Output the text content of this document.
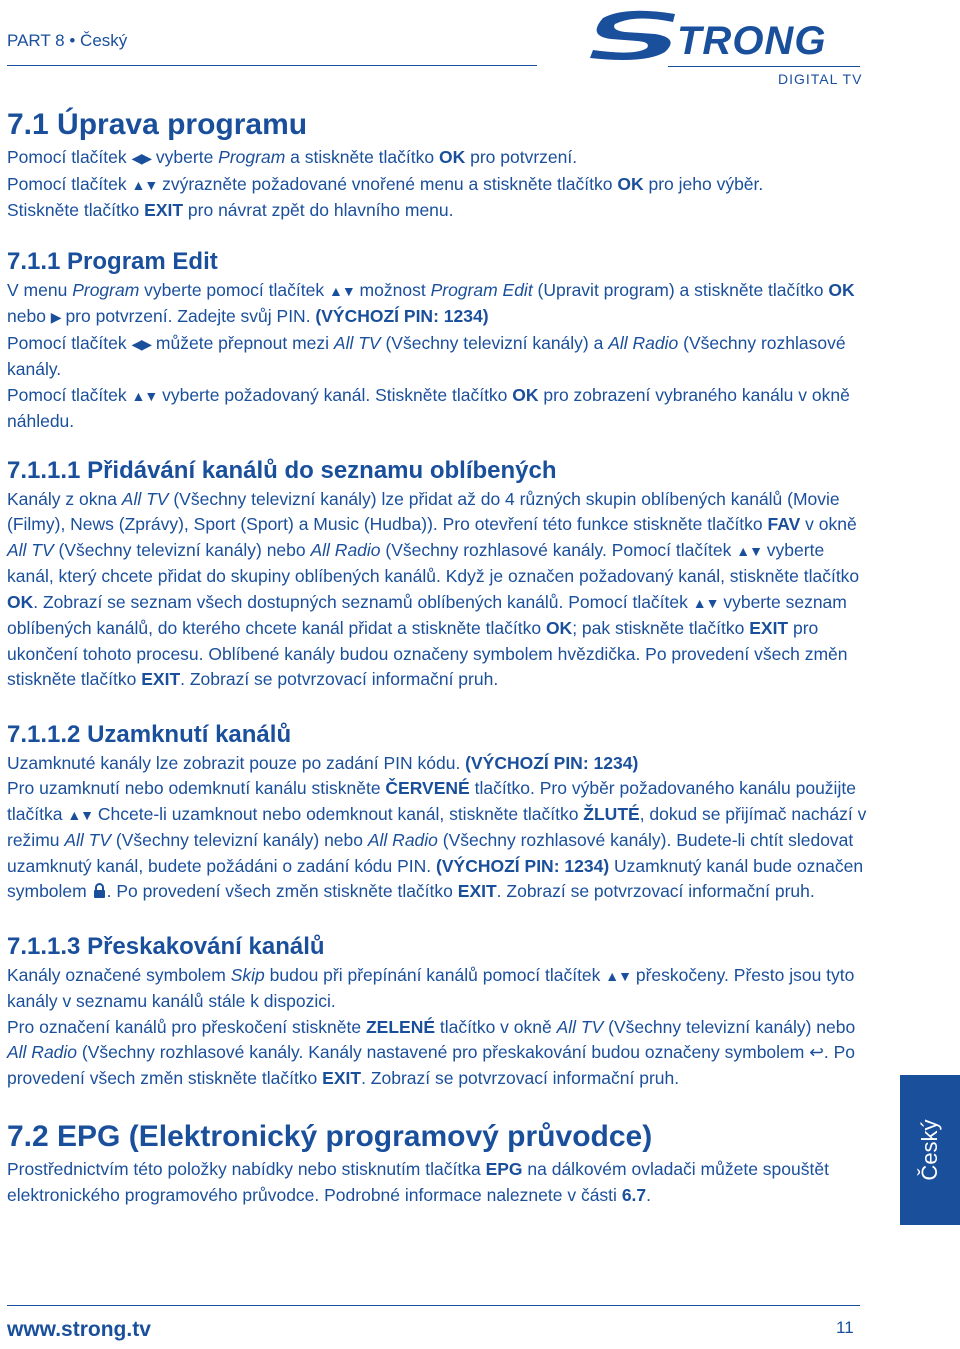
PART 8 • Český	TRONG
DIGITAL TV
7.1 Úprava programu

Pomocí tlačítek ◀▶ vyberte Program a stiskněte tlačítko OK pro potvrzení.

Pomocí tlačítek ▲▼ zvýrazněte požadované vnořené menu a stiskněte tlačítko OK pro jeho výběr.

Stiskněte tlačítko EXIT pro návrat zpět do hlavního menu.

7.1.1 Program Edit

V menu Program vyberte pomocí tlačítek ▲▼ možnost Program Edit (Upravit program) a stiskněte tlačítko OK nebo ▶ pro potvrzení. Zadejte svůj PIN. (VÝCHOZÍ PIN: 1234)

Pomocí tlačítek ◀▶ můžete přepnout mezi All TV (Všechny televizní kanály) a All Radio (Všechny rozhlasové kanály.

Pomocí tlačítek ▲▼ vyberte požadovaný kanál. Stiskněte tlačítko OK pro zobrazení vybraného kanálu v okně náhledu.

7.1.1.1 Přidávání kanálů do seznamu oblíbených

Kanály z okna All TV (Všechny televizní kanály) lze přidat až do 4 různých skupin oblíbených kanálů (Movie (Filmy), News (Zprávy), Sport (Sport) a Music (Hudba)). Pro otevření této funkce stiskněte tlačítko FAV v okně All TV (Všechny televizní kanály) nebo All Radio (Všechny rozhlasové kanály. Pomocí tlačítek ▲▼ vyberte kanál, který chcete přidat do skupiny oblíbených kanálů. Když je označen požadovaný kanál, stiskněte tlačítko OK. Zobrazí se seznam všech dostupných seznamů oblíbených kanálů. Pomocí tlačítek ▲▼ vyberte seznam oblíbených kanálů, do kterého chcete kanál přidat a stiskněte tlačítko OK; pak stiskněte tlačítko EXIT pro ukončení tohoto procesu. Oblíbené kanály budou označeny symbolem hvězdička. Po provedení všech změn stiskněte tlačítko EXIT. Zobrazí se potvrzovací informační pruh.

7.1.1.2 Uzamknutí kanálů

Uzamknuté kanály lze zobrazit pouze po zadání PIN kódu. (VÝCHOZÍ PIN: 1234)
Pro uzamknutí nebo odemknutí kanálu stiskněte ČERVENÉ tlačítko. Pro výběr požadovaného kanálu použijte tlačítka ▲▼ Chcete-li uzamknout nebo odemknout kanál, stiskněte tlačítko ŽLUTÉ, dokud se přijímač nachází v režimu All TV (Všechny televizní kanály) nebo All Radio (Všechny rozhlasové kanály). Budete-li chtít sledovat uzamknutý kanál, budete požádáni o zadání kódu PIN. (VÝCHOZÍ PIN: 1234) Uzamknutý kanál bude označen symbolem . Po provedení všech změn stiskněte tlačítko EXIT. Zobrazí se potvrzovací informační pruh.

7.1.1.3 Přeskakování kanálů

Kanály označené symbolem Skip budou při přepínání kanálů pomocí tlačítek ▲▼ přeskočeny. Přesto jsou tyto kanály v seznamu kanálů stále k dispozici.

Pro označení kanálů pro přeskočení stiskněte ZELENÉ tlačítko v okně All TV (Všechny televizní kanály) nebo All Radio (Všechny rozhlasové kanály. Kanály nastavené pro přeskakování budou označeny symbolem ↩. Po provedení všech změn stiskněte tlačítko EXIT. Zobrazí se potvrzovací informační pruh.

7.2 EPG (Elektronický programový průvodce)

Prostřednictvím této položky nabídky nebo stisknutím tlačítka EPG na dálkovém ovladači můžete spouštět elektronického programového průvodce. Podrobné informace naleznete v části 6.7.

Český
www.strong.tv	11
